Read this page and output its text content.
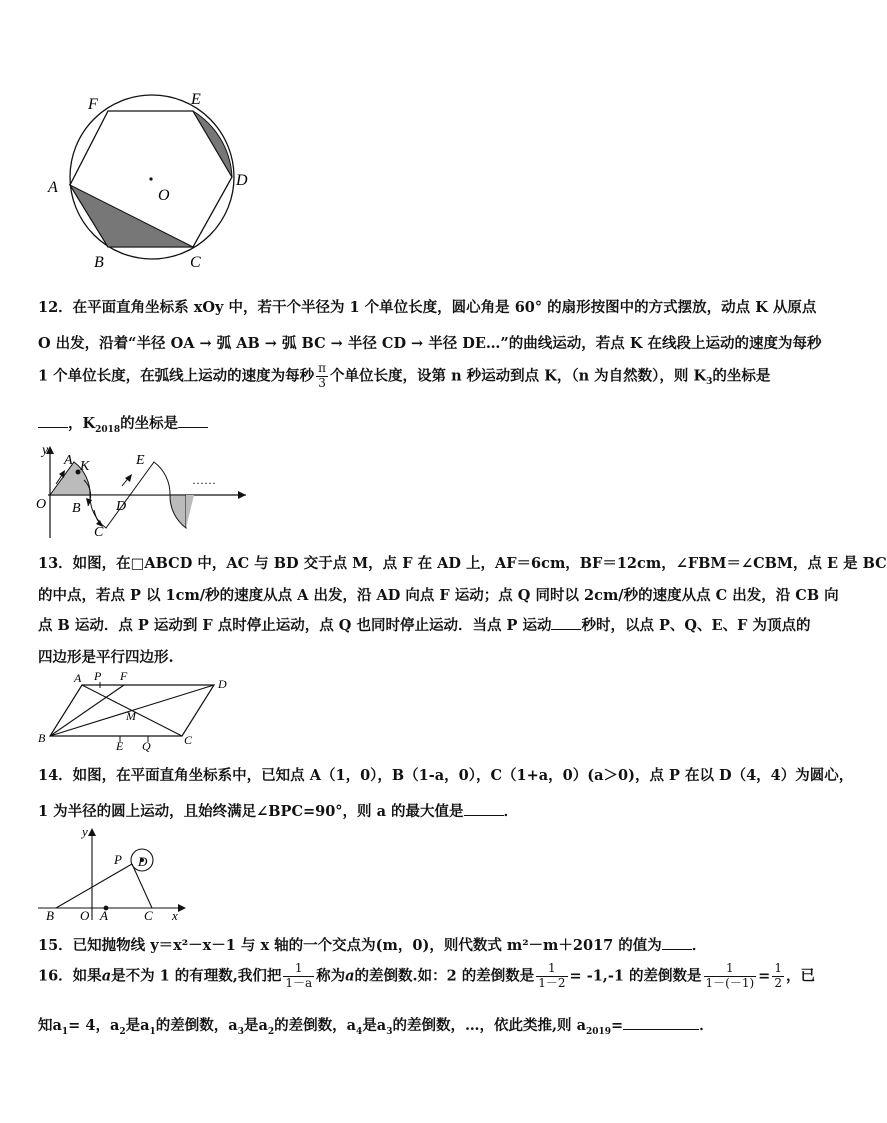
F	E
D
A	O
B	C
12．在平面直角坐标系 xOy 中，若干个半径为 1 个单位长度，圆心角是 60° 的扇形按图中的方式摆放，动点 K 从原点
O 出发，沿着“半径 OA → 弧 AB → 弧 BC → 半径 CD → 半径 DE…”的曲线运动，若点 K 在线段上运动的速度为每秒
1 个单位长度，在弧线上运动的速度为每秒 $\frac{\pi}{3}$ 个单位长度，设第 n 秒运动到点 K，（n 为自然数），则 $K_3$的坐标是
，$K_{2018}$的坐标是
y
A K	E
……
O B	D
C
13．如图，在□ABCD 中，AC 与 BD 交于点 M，点 F 在 AD 上，AF＝6cm，BF＝12cm，∠FBM＝∠CBM，点 E 是 BC
的中点，若点 P 以 1cm/秒的速度从点 A 出发，沿 AD 向点 F 运动；点 Q 同时以 2cm/秒的速度从点 C 出发，沿 CB 向
点 B 运动．点 P 运动到 F 点时停止运动，点 Q 也同时停止运动．当点 P 运动 秒时，以点 P、Q、E、F 为顶点的
四边形是平行四边形.
A P F
D
M
B
E Q	C
14．如图，在平面直角坐标系中，已知点 A（1，0），B（1-a，0），C（1+a，0）(a＞0)，点 P 在以 D（4，4）为圆心，
1 为半径的圆上运动，且始终满足∠BPC=90°，则 a 的最大值是	．
y
P D
B O A	C x
15．已知抛物线 y＝x²－x－1 与 x 轴的一个交点为(m，0)，则代数式 m²－m＋2017 的值为 ．
16．如果a是不为 1 的有理数,我们把 $\frac{1}{1-a}$ 称为a的差倒数.如：2 的差倒数是 $\frac{1}{1-2} = -1,-1$ 的差倒数是 $\frac{1}{1-(-1)} = \frac{1}{2}$ ，已
知$a_1= 4$，$a_2$是$a_1$的差倒数，$a_3$是$a_2$的差倒数，$a_4$是$a_3$的差倒数，…，依此类推,则 $a_{2019}=$	．
